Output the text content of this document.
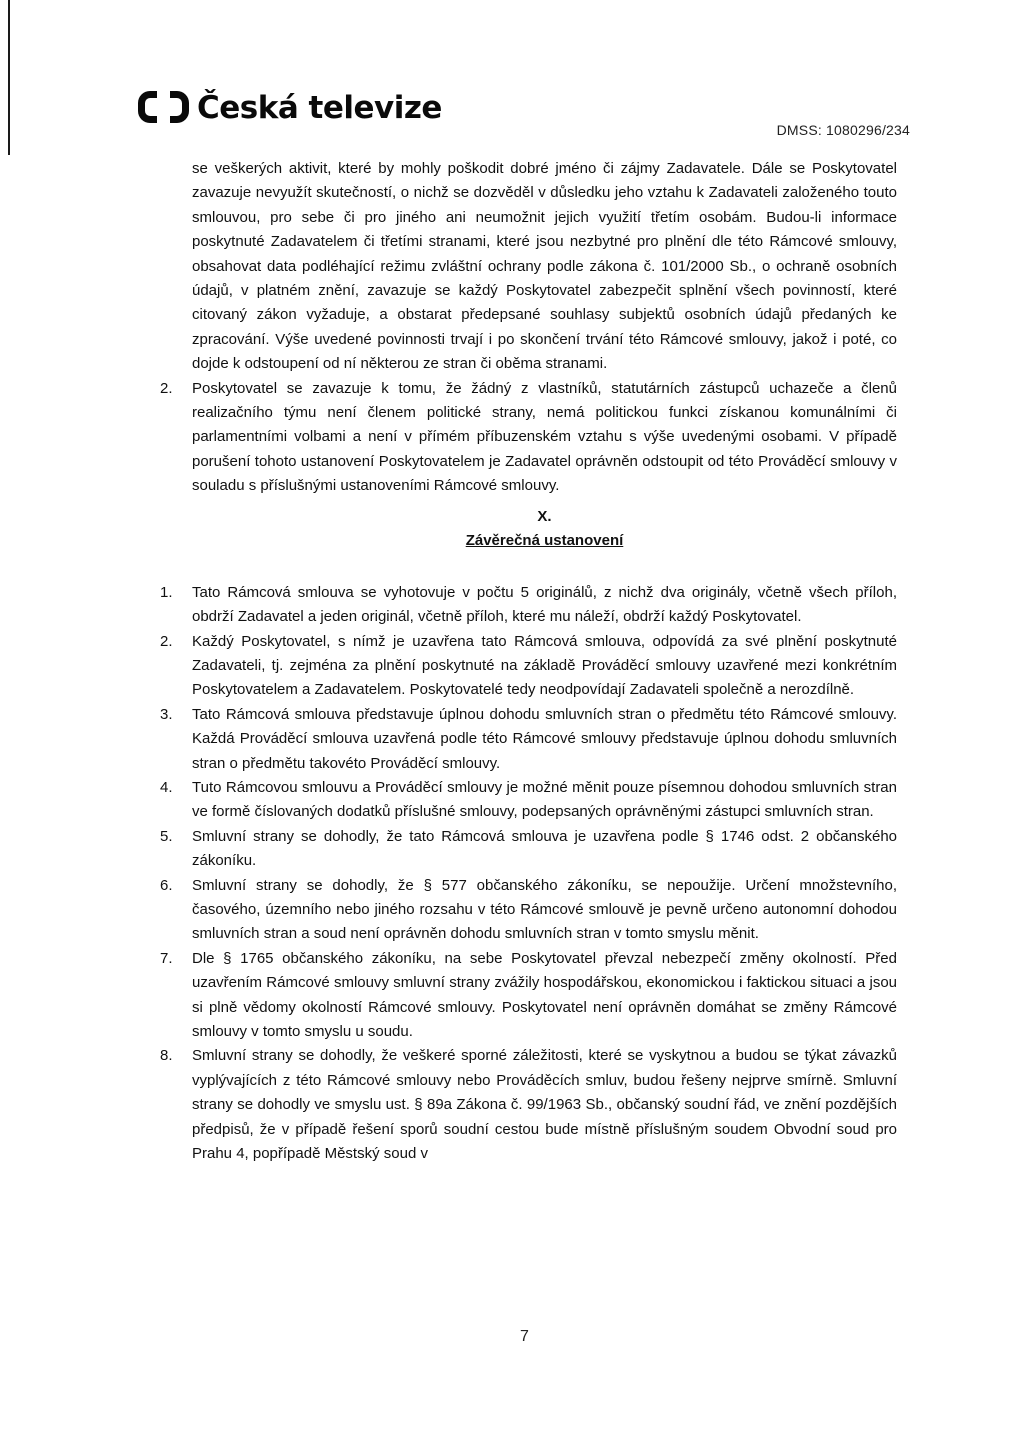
Česká televize
DMSS: 1080296/234

se veškerých aktivit, které by mohly poškodit dobré jméno či zájmy Zadavatele. Dále se Poskytovatel zavazuje nevyužít skutečností, o nichž se dozvěděl v důsledku jeho vztahu k Zadavateli založeného touto smlouvou, pro sebe či pro jiného ani neumožnit jejich využití třetím osobám. Budou-li informace poskytnuté Zadavatelem či třetími stranami, které jsou nezbytné pro plnění dle této Rámcové smlouvy, obsahovat data podléhající režimu zvláštní ochrany podle zákona č. 101/2000 Sb., o ochraně osobních údajů, v platném znění, zavazuje se každý Poskytovatel zabezpečit splnění všech povinností, které citovaný zákon vyžaduje, a obstarat předepsané souhlasy subjektů osobních údajů předaných ke zpracování. Výše uvedené povinnosti trvají i po skončení trvání této Rámcové smlouvy, jakož i poté, co dojde k odstoupení od ní některou ze stran či oběma stranami.

2. Poskytovatel se zavazuje k tomu, že žádný z vlastníků, statutárních zástupců uchazeče a členů realizačního týmu není členem politické strany, nemá politickou funkci získanou komunálními či parlamentními volbami a není v přímém příbuzenském vztahu s výše uvedenými osobami. V případě porušení tohoto ustanovení Poskytovatelem je Zadavatel oprávněn odstoupit od této Prováděcí smlouvy v souladu s příslušnými ustanoveními Rámcové smlouvy.
X.
Závěrečná ustanovení
1. Tato Rámcová smlouva se vyhotovuje v počtu 5 originálů, z nichž dva originály, včetně všech příloh, obdrží Zadavatel a jeden originál, včetně příloh, které mu náleží, obdrží každý Poskytovatel.
2. Každý Poskytovatel, s nímž je uzavřena tato Rámcová smlouva, odpovídá za své plnění poskytnuté Zadavateli, tj. zejména za plnění poskytnuté na základě Prováděcí smlouvy uzavřené mezi konkrétním Poskytovatelem a Zadavatelem. Poskytovatelé tedy neodpovídají Zadavateli společně a nerozdílně.
3. Tato Rámcová smlouva představuje úplnou dohodu smluvních stran o předmětu této Rámcové smlouvy. Každá Prováděcí smlouva uzavřená podle této Rámcové smlouvy představuje úplnou dohodu smluvních stran o předmětu takovéto Prováděcí smlouvy.
4. Tuto Rámcovou smlouvu a Prováděcí smlouvy je možné měnit pouze písemnou dohodou smluvních stran ve formě číslovaných dodatků příslušné smlouvy, podepsaných oprávněnými zástupci smluvních stran.
5. Smluvní strany se dohodly, že tato Rámcová smlouva je uzavřena podle § 1746 odst. 2 občanského zákoníku.
6. Smluvní strany se dohodly, že § 577 občanského zákoníku, se nepoužije. Určení množstevního, časového, územního nebo jiného rozsahu v této Rámcové smlouvě je pevně určeno autonomní dohodou smluvních stran a soud není oprávněn dohodu smluvních stran v tomto smyslu měnit.
7. Dle § 1765 občanského zákoníku, na sebe Poskytovatel převzal nebezpečí změny okolností. Před uzavřením Rámcové smlouvy smluvní strany zvážily hospodářskou, ekonomickou i faktickou situaci a jsou si plně vědomy okolností Rámcové smlouvy. Poskytovatel není oprávněn domáhat se změny Rámcové smlouvy v tomto smyslu u soudu.
8. Smluvní strany se dohodly, že veškeré sporné záležitosti, které se vyskytnou a budou se týkat závazků vyplývajících z této Rámcové smlouvy nebo Prováděcích smluv, budou řešeny nejprve smírně. Smluvní strany se dohodly ve smyslu ust. § 89a Zákona č. 99/1963 Sb., občanský soudní řád, ve znění pozdějších předpisů, že v případě řešení sporů soudní cestou bude místně příslušným soudem Obvodní soud pro Prahu 4, popřípadě Městský soud v
7
